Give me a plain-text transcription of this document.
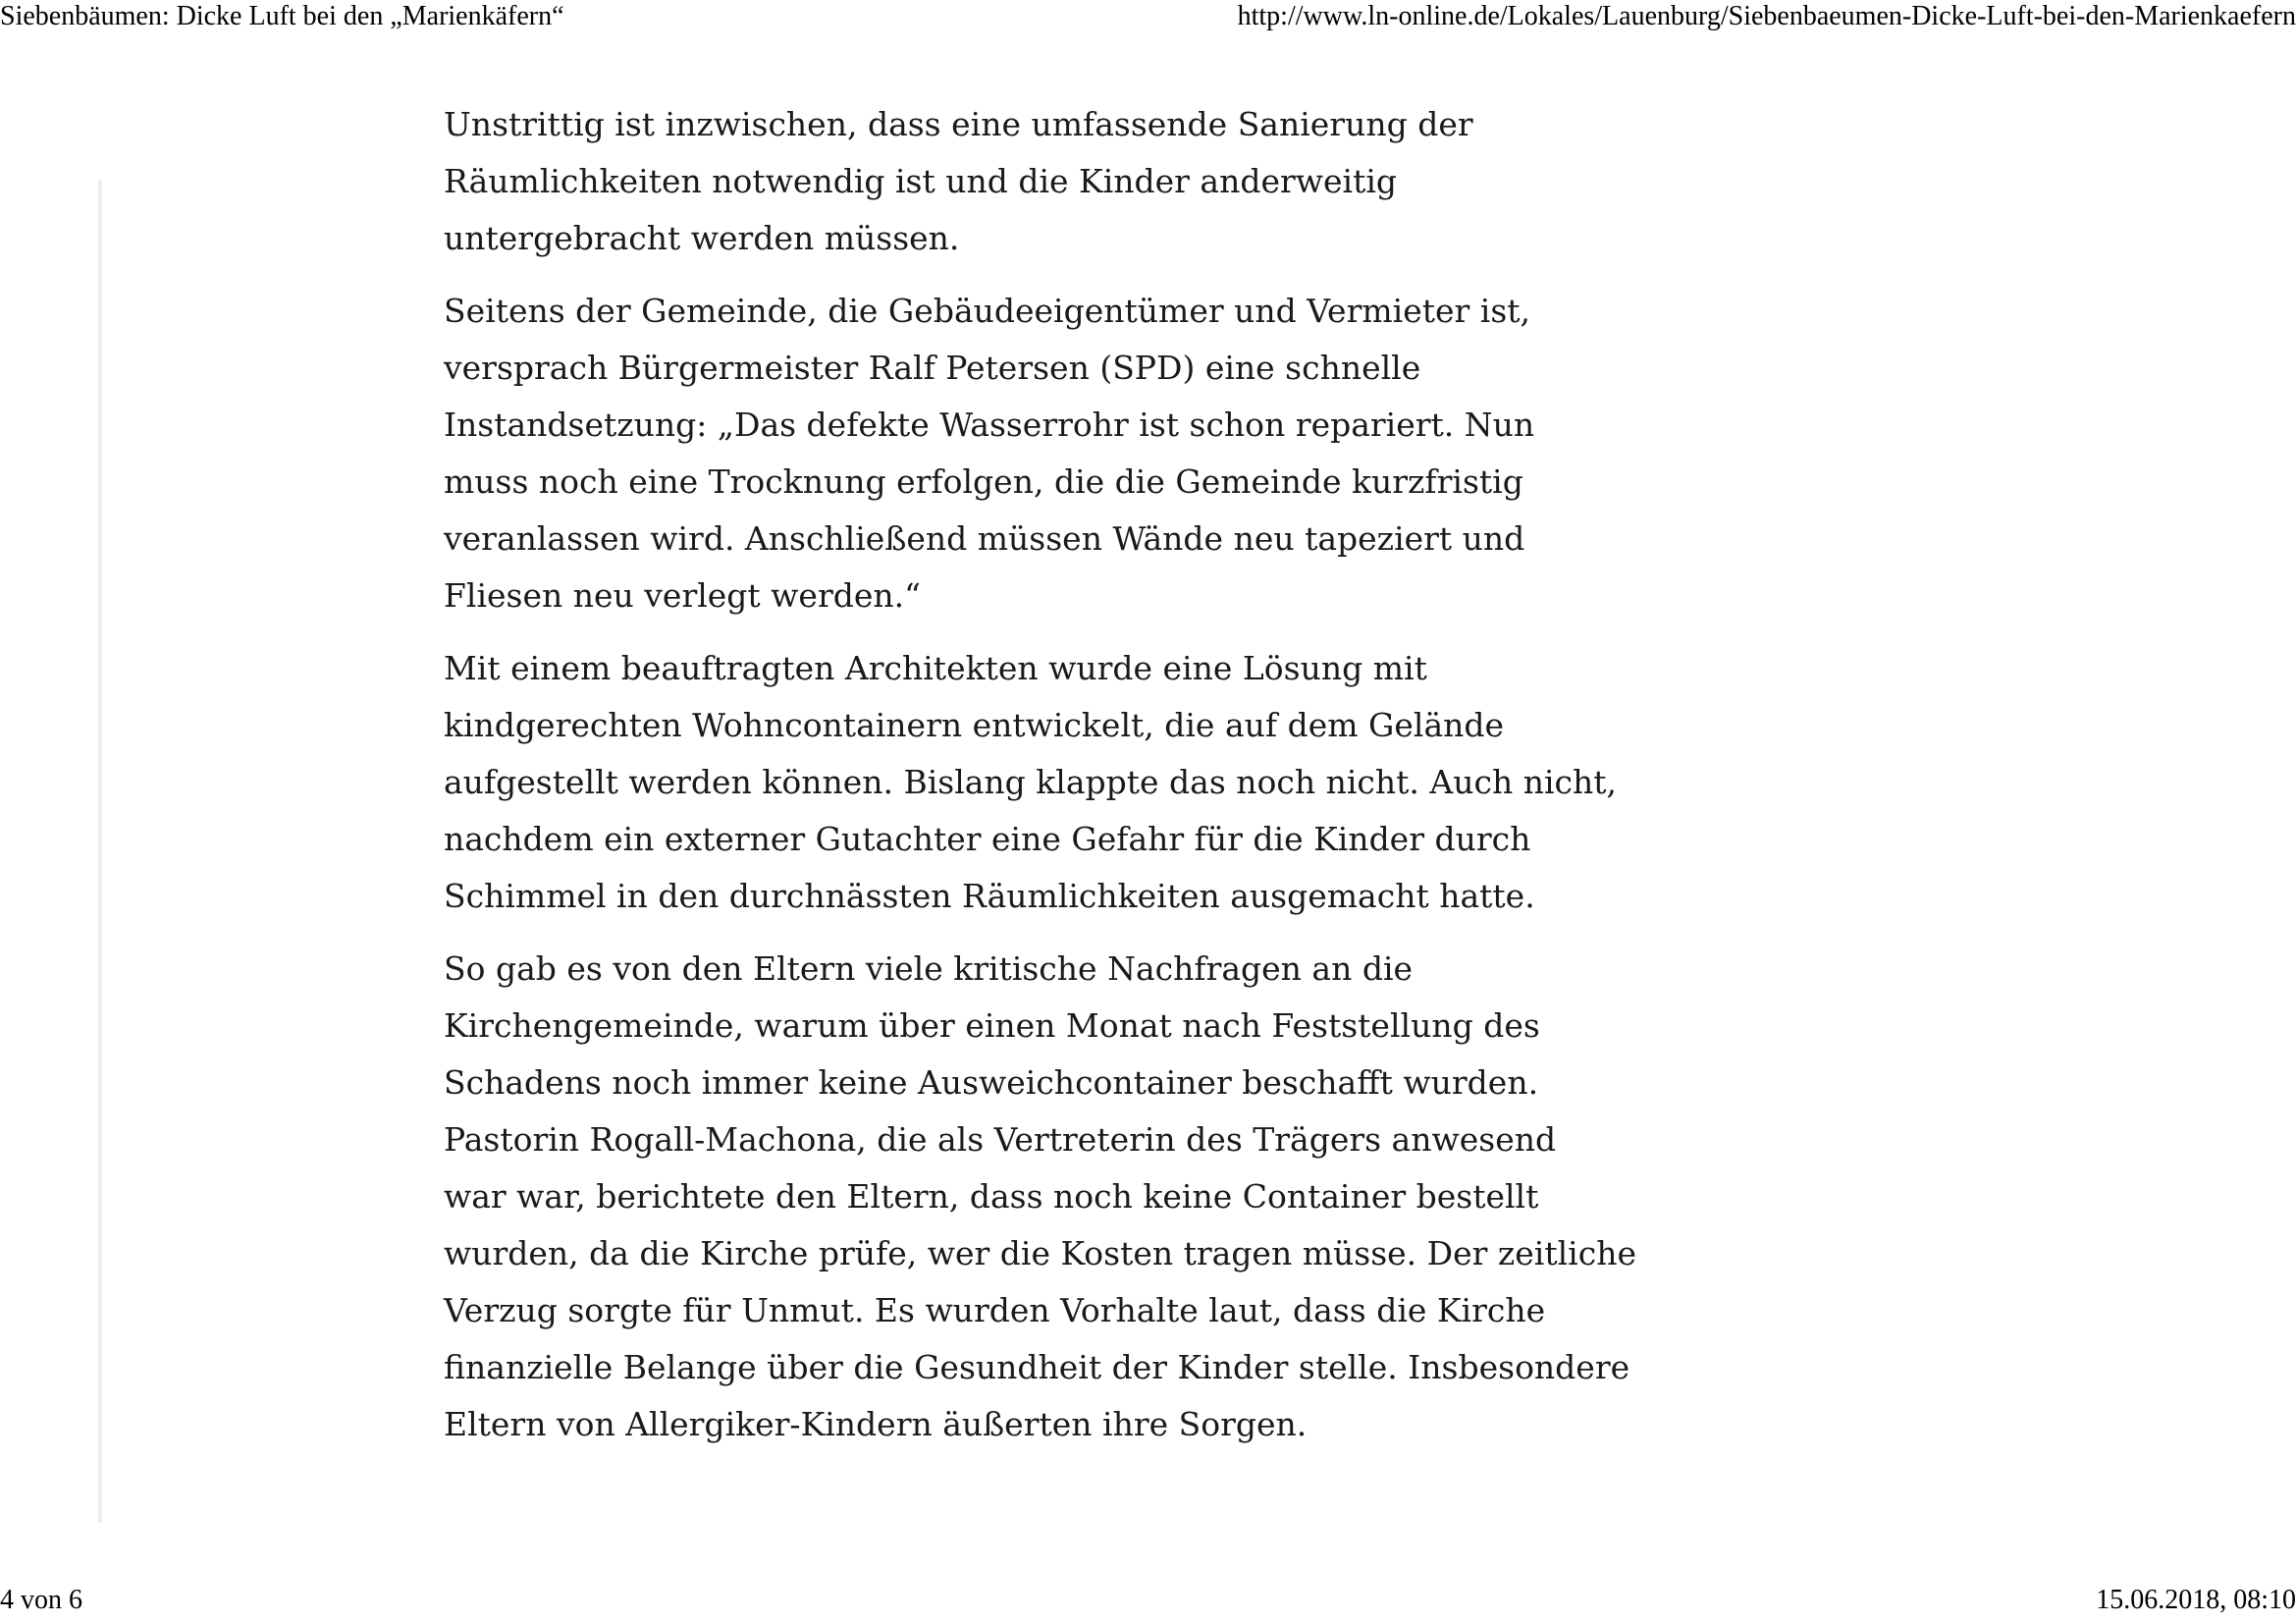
Siebenbäumen: Dicke Luft bei den „Marienkäfern“	http://www.ln-online.de/Lokales/Lauenburg/Siebenbaeumen-Dicke-Luft-bei-den-Marienkaefern

Unstrittig ist inzwischen, dass eine umfassende Sanierung der
Räumlichkeiten notwendig ist und die Kinder anderweitig
untergebracht werden müssen.

Seitens der Gemeinde, die Gebäudeeigentümer und Vermieter ist,
versprach Bürgermeister Ralf Petersen (SPD) eine schnelle
Instandsetzung: „Das defekte Wasserrohr ist schon repariert. Nun
muss noch eine Trocknung erfolgen, die die Gemeinde kurzfristig
veranlassen wird. Anschließend müssen Wände neu tapeziert und
Fliesen neu verlegt werden.“

Mit einem beauftragten Architekten wurde eine Lösung mit
kindgerechten Wohncontainern entwickelt, die auf dem Gelände
aufgestellt werden können. Bislang klappte das noch nicht. Auch nicht,
nachdem ein externer Gutachter eine Gefahr für die Kinder durch
Schimmel in den durchnässten Räumlichkeiten ausgemacht hatte.

So gab es von den Eltern viele kritische Nachfragen an die
Kirchengemeinde, warum über einen Monat nach Feststellung des
Schadens noch immer keine Ausweichcontainer beschafft wurden.
Pastorin Rogall-Machona, die als Vertreterin des Trägers anwesend
war war, berichtete den Eltern, dass noch keine Container bestellt
wurden, da die Kirche prüfe, wer die Kosten tragen müsse. Der zeitliche
Verzug sorgte für Unmut. Es wurden Vorhalte laut, dass die Kirche
finanzielle Belange über die Gesundheit der Kinder stelle. Insbesondere
Eltern von Allergiker-Kindern äußerten ihre Sorgen.

4 von 6	15.06.2018, 08:10
